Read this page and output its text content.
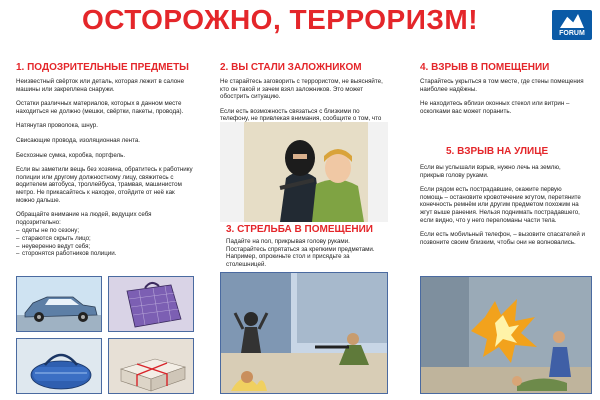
ОСТОРОЖНО, ТЕРРОРИЗМ!	FORUM
1. ПОДОЗРИТЕЛЬНЫЕ ПРЕДМЕТЫ

Неизвестный свёрток или деталь, которая лежит в салоне машины или закреплена снаружи.

Остатки различных материалов, которых в данном месте находиться не должно (мешки, свёртки, пакеты, провода).

Натянутая проволока, шнур.

Свисающие провода, изоляционная лента.

Бесхозные сумка, коробка, портфель.

Если вы заметили вещь без хозяина, обратитесь к работнику полиции или другому должностному лицу, свяжитесь с водителем автобуса, троллейбуса, трамвая, машинистом метро. Не прикасайтесь к находке, отойдите от неё как можно дальше.

Обращайте внимание на людей, ведущих себя подозрительно:
– одеты не по сезону;
– стараются скрыть лицо;
– неуверенно ведут себя;
– сторонятся работников полиции.
2. ВЫ СТАЛИ ЗАЛОЖНИКОМ

Не старайтесь заговорить с террористом, не выясняйте, кто он такой и зачем взял заложников. Это может обострить ситуацию.

Если есть возможность связаться с близкими по телефону, не привлекая внимания, сообщите о том, что

3. СТРЕЛЬБА В ПОМЕЩЕНИИ

Падайте на пол, прикрывая голову руками. Постарайтесь спрятаться за крепкими предметами. Например, опрокиньте стол и присядьте за столешницей.

4. ВЗРЫВ В ПОМЕЩЕНИИ

Старайтесь укрыться в том месте, где стены помещения наиболее надёжны.

Не находитесь вблизи оконных стекол или витрин – осколками вас может поранить.

5. ВЗРЫВ НА УЛИЦЕ

Если вы услышали взрыв, нужно лечь на землю, прикрыв голову руками.

Если рядом есть пострадавшие, окажите первую помощь – остановите кровотечение жгутом, перетяните конечность ремнём или другим предметом похожим на жгут выше ранения. Нельзя поднимать пострадавшего, если видно, что у него переломаны части тела.

Если есть мобильный телефон, – вызовите спасателей и позвоните своим близким, чтобы они не волновались.
